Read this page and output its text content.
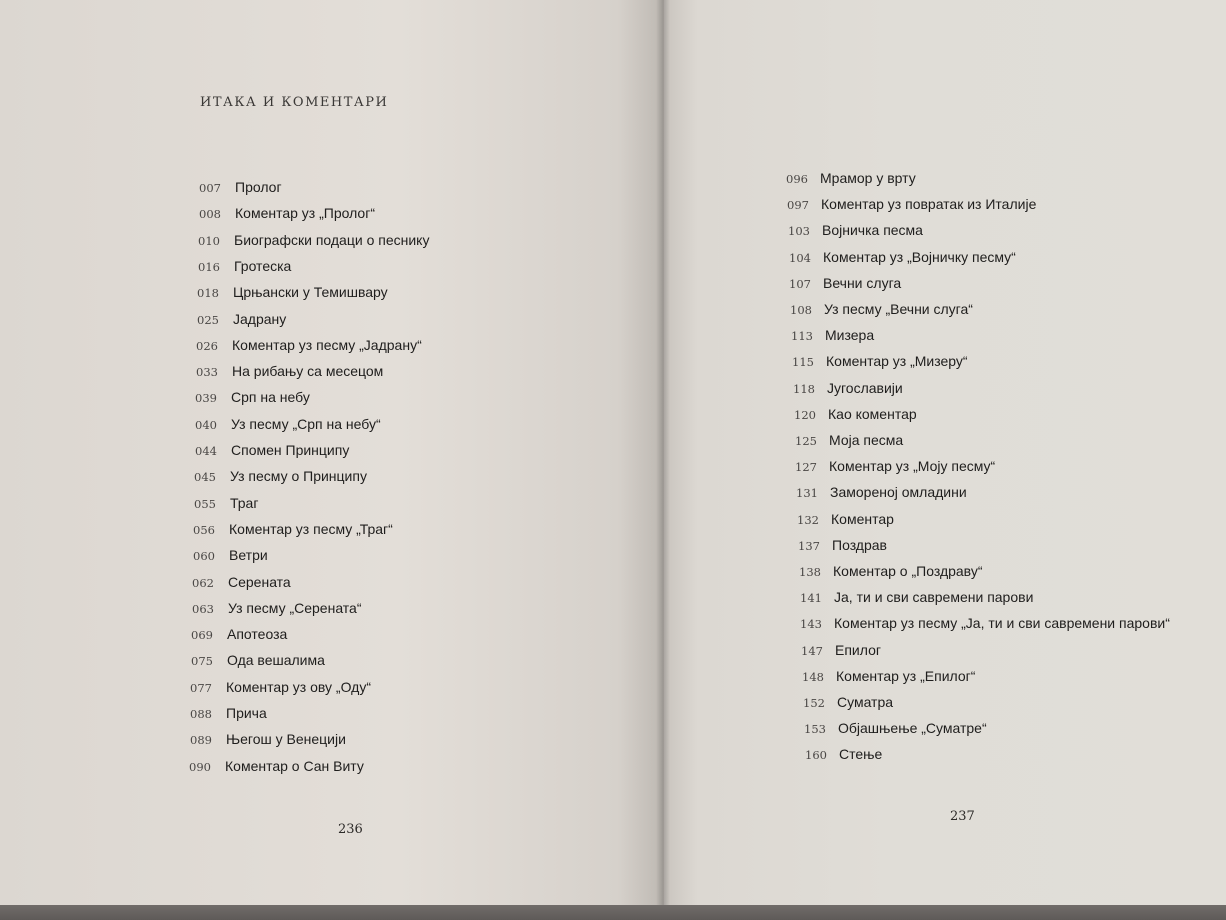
ИТАКА И КОМЕНТАРИ
007 Пролог
008 Коментар уз „Пролог“
010 Биографски подаци о песнику
016 Гротеска
018 Црњански у Темишвару
025 Јадрану
026 Коментар уз песму „Јадрану“
033 На рибању са месецом
039 Срп на небу
040 Уз песму „Срп на небу“
044 Спомен Принципу
045 Уз песму о Принципу
055 Траг
056 Коментар уз песму „Траг“
060 Ветри
062 Серената
063 Уз песму „Серената“
069 Апотеоза
075 Ода вешалима
077 Коментар уз ову „Оду“
088 Прича
089 Његош у Венецији
090 Коментар о Сан Виту
236
096 Мрамор у врту
097 Коментар уз повратак из Италије
103 Војничка песма
104 Коментар уз „Војничку песму“
107 Вечни слуга
108 Уз песму „Вечни слуга“
113 Мизера
115 Коментар уз „Мизеру“
118 Југославији
120 Као коментар
125 Моја песма
127 Коментар уз „Моју песму“
131 Замореној омладини
132 Коментар
137 Поздрав
138 Коментар о „Поздраву“
141 Ја, ти и сви савремени парови
143 Коментар уз песму „Ја, ти и сви савремени парови“
147 Епилог
148 Коментар уз „Епилог“
152 Суматра
153 Објашњење „Суматре“
160 Стење
237
